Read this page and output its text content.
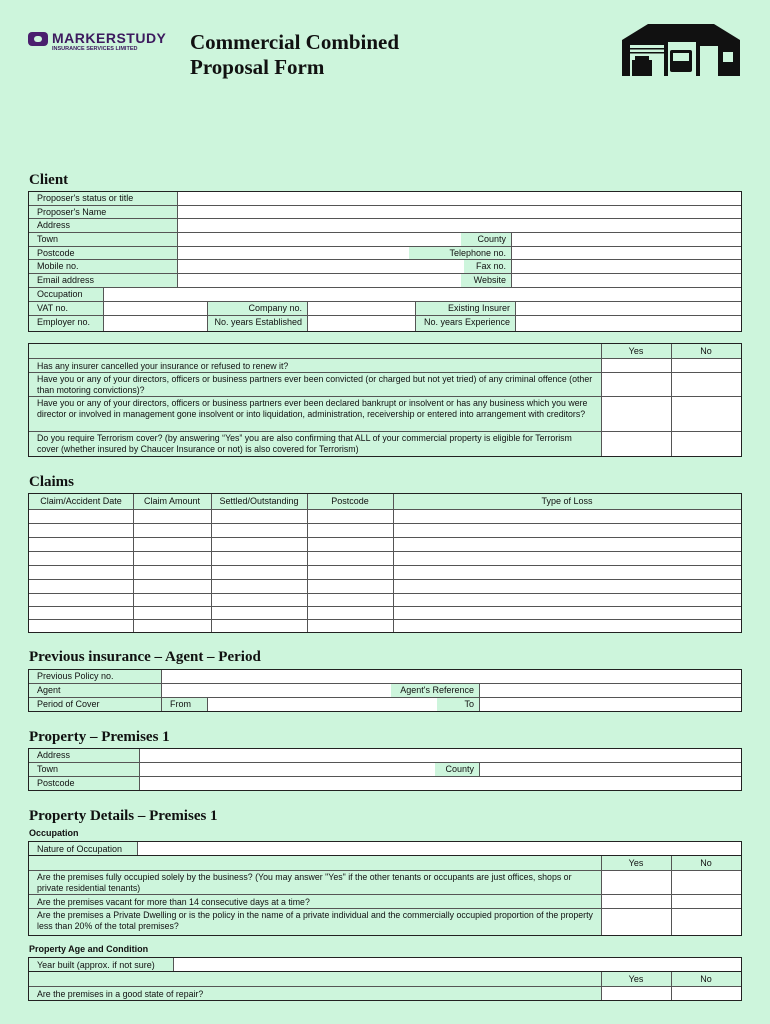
MARKERSTUDY
INSURANCE SERVICES LIMITED	Commercial Combined
Proposal Form
Client
Proposer's status or title
Proposer's Name
Address
Town	County
Postcode	Telephone no.
Mobile no.	Fax no.
Email address	Website
Occupation
VAT no.	Company no.	Existing Insurer
Employer no.	No. years Established	No. years Experience
Yes	No
Has any insurer cancelled your insurance or refused to renew it?
Have you or any of your directors, officers or business partners ever been convicted (or charged but not yet tried) of any criminal offence (other than motoring convictions)?
Have you or any of your directors, officers or business partners ever been declared bankrupt or insolvent or has any business which you were director or involved in management gone insolvent or into liquidation, administration, receivership or entered into arrangement with creditors?
Do you require Terrorism cover? (by answering “Yes” you are also confirming that ALL of your commercial property is eligible for Terrorism cover (whether insured by Chaucer Insurance or not) is also covered for Terrorism)
Claims
Claim/Accident Date	Claim Amount	Settled/Outstanding	Postcode	Type of Loss
Previous insurance – Agent – Period
Previous Policy no.
Agent	Agent's Reference
Period of Cover	From	To
Property – Premises 1
Address
Town	County
Postcode
Property Details – Premises 1
Occupation
Nature of Occupation
Yes	No
Are the premises fully occupied solely by the business? (You may answer "Yes" if the other tenants or occupants are just offices, shops or private residential tenants)
Are the premises vacant for more than 14 consecutive days at a time?
Are the premises a Private Dwelling or is the policy in the name of a private individual and the commercially occupied proportion of the property less than 20% of the total premises?
Property Age and Condition
Year built (approx. if not sure)
Yes	No
Are the premises in a good state of repair?
